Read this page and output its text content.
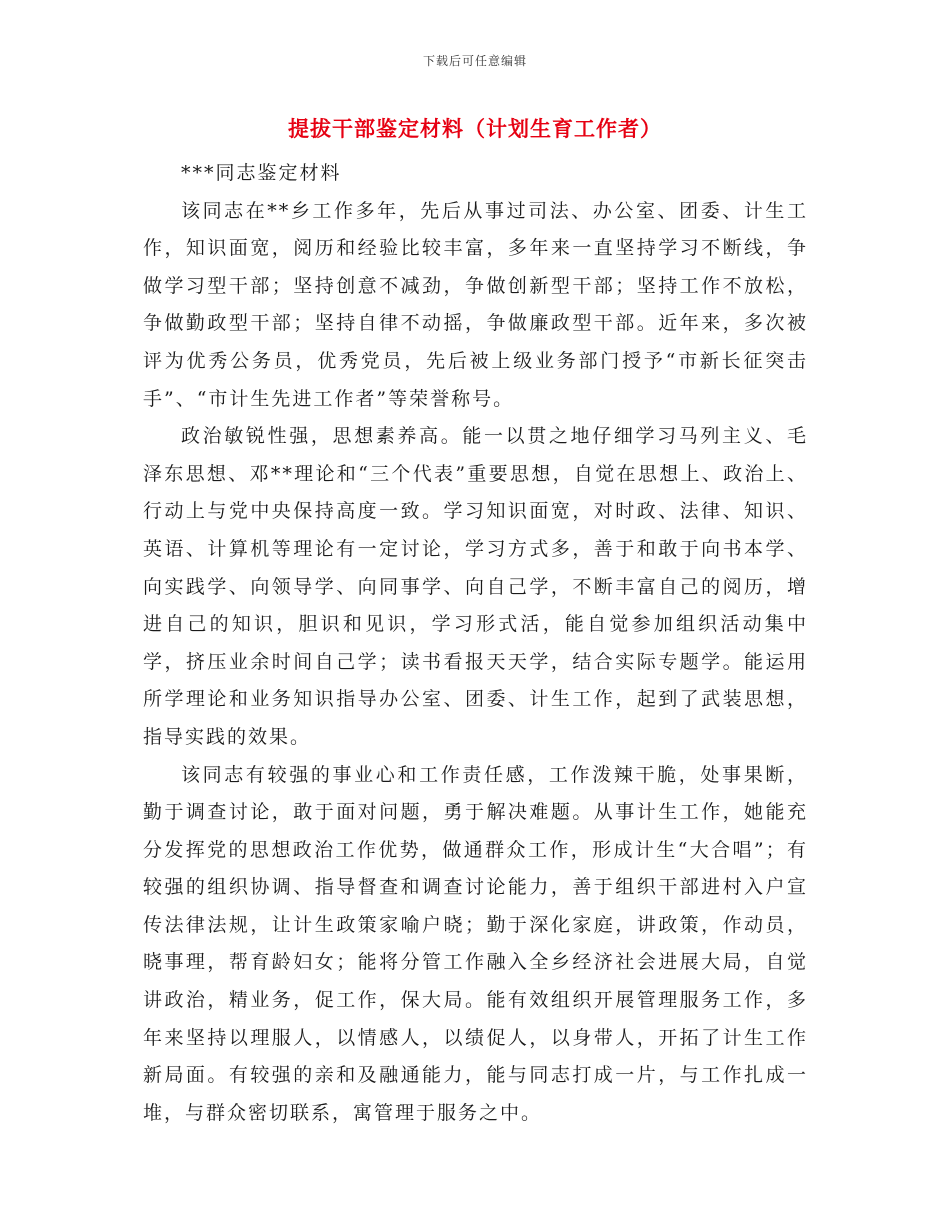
下载后可任意编辑
提拔干部鉴定材料（计划生育工作者）

***同志鉴定材料

该同志在**乡工作多年，先后从事过司法、办公室、团委、计生工作，知识面宽，阅历和经验比较丰富，多年来一直坚持学习不断线，争做学习型干部；坚持创意不减劲，争做创新型干部；坚持工作不放松，争做勤政型干部；坚持自律不动摇，争做廉政型干部。近年来，多次被评为优秀公务员，优秀党员，先后被上级业务部门授予“市新长征突击手”、“市计生先进工作者”等荣誉称号。

政治敏锐性强，思想素养高。能一以贯之地仔细学习马列主义、毛泽东思想、邓**理论和“三个代表”重要思想，自觉在思想上、政治上、行动上与党中央保持高度一致。学习知识面宽，对时政、法律、知识、英语、计算机等理论有一定讨论，学习方式多，善于和敢于向书本学、向实践学、向领导学、向同事学、向自己学，不断丰富自己的阅历，增进自己的知识，胆识和见识，学习形式活，能自觉参加组织活动集中学，挤压业余时间自己学；读书看报天天学，结合实际专题学。能运用所学理论和业务知识指导办公室、团委、计生工作，起到了武装思想，指导实践的效果。

该同志有较强的事业心和工作责任感，工作泼辣干脆，处事果断，勤于调查讨论，敢于面对问题，勇于解决难题。从事计生工作，她能充分发挥党的思想政治工作优势，做通群众工作，形成计生“大合唱”；有较强的组织协调、指导督查和调查讨论能力，善于组织干部进村入户宣传法律法规，让计生政策家喻户晓；勤于深化家庭，讲政策，作动员，晓事理，帮育龄妇女；能将分管工作融入全乡经济社会进展大局，自觉讲政治，精业务，促工作，保大局。能有效组织开展管理服务工作，多年来坚持以理服人，以情感人，以绩促人，以身带人，开拓了计生工作新局面。有较强的亲和及融通能力，能与同志打成一片，与工作扎成一堆，与群众密切联系，寓管理于服务之中。
